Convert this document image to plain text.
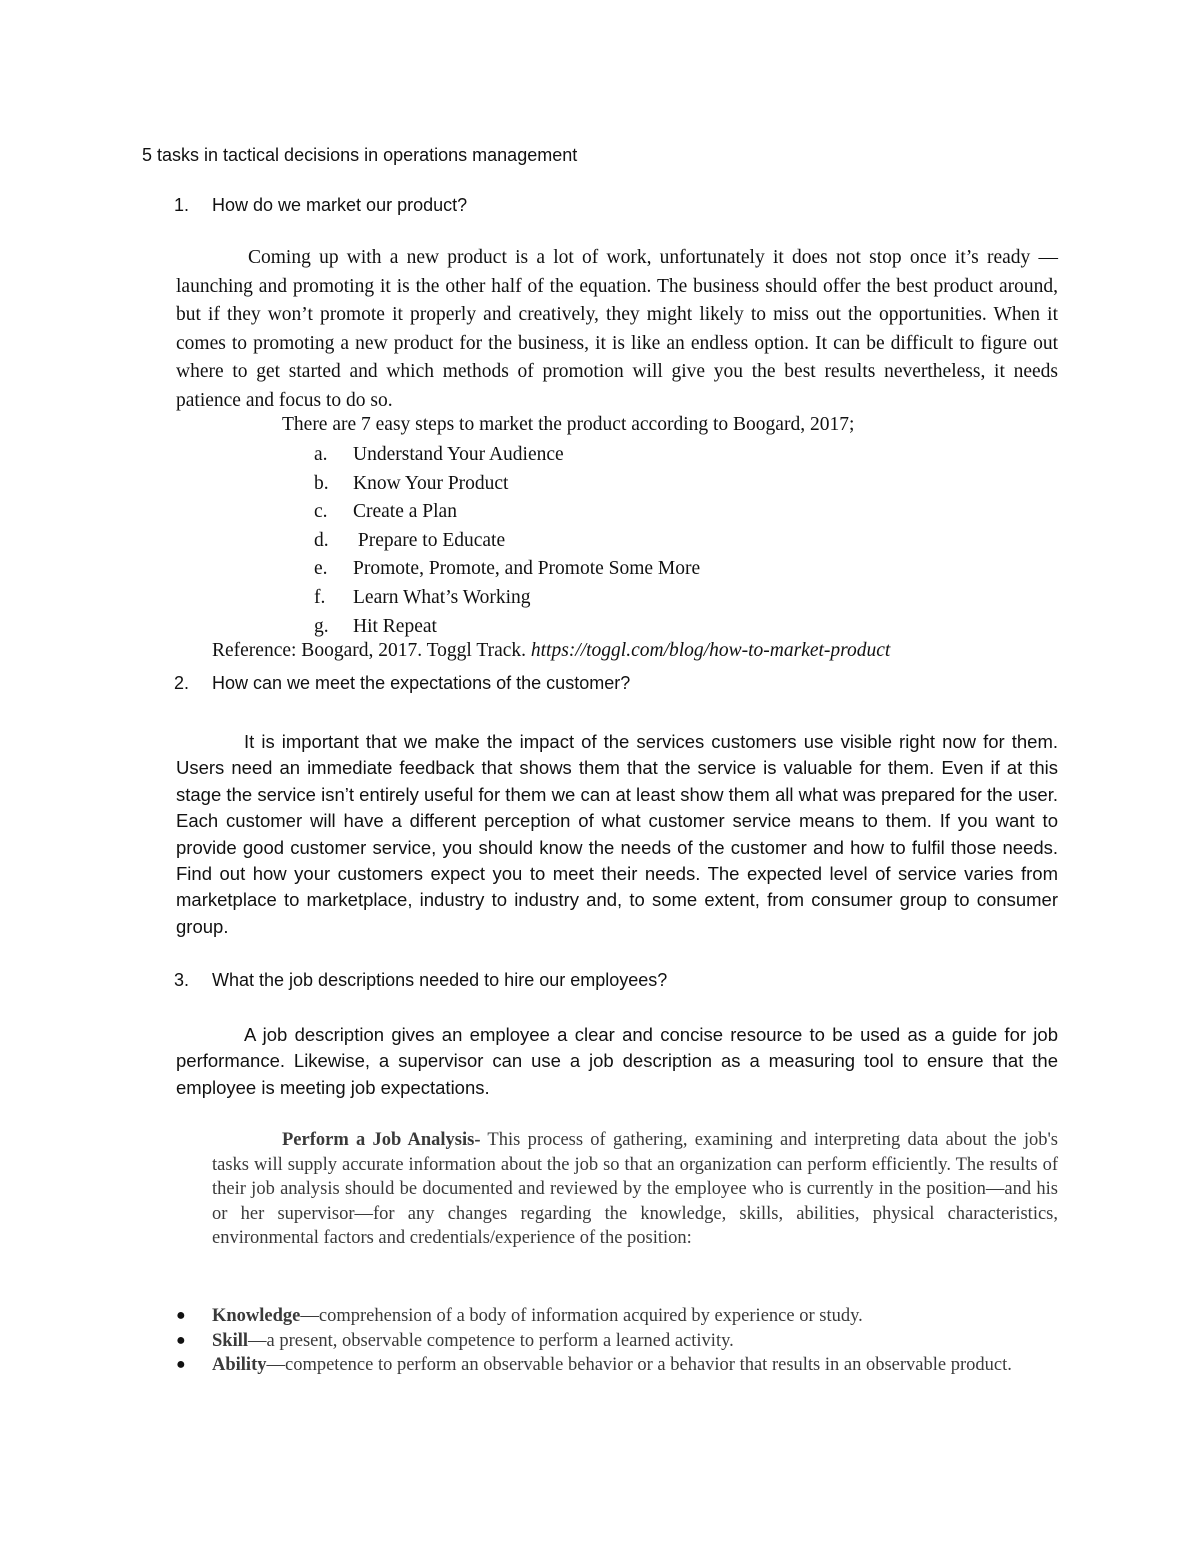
5 tasks in tactical decisions in operations management
1. How do we market our product?
Coming up with a new product is a lot of work, unfortunately it does not stop once it’s ready —launching and promoting it is the other half of the equation. The business should offer the best product around, but if they won’t promote it properly and creatively, they might likely to miss out the opportunities. When it comes to promoting a new product for the business, it is like an endless option. It can be difficult to figure out where to get started and which methods of promotion will give you the best results nevertheless, it needs patience and focus to do so.
There are 7 easy steps to market the product according to Boogard, 2017;
a. Understand Your Audience
b. Know Your Product
c. Create a Plan
d. Prepare to Educate
e. Promote, Promote, and Promote Some More
f. Learn What’s Working
g. Hit Repeat
Reference: Boogard, 2017. Toggl Track. https://toggl.com/blog/how-to-market-product
2. How can we meet the expectations of the customer?
It is important that we make the impact of the services customers use visible right now for them. Users need an immediate feedback that shows them that the service is valuable for them. Even if at this stage the service isn’t entirely useful for them we can at least show them all what was prepared for the user. Each customer will have a different perception of what customer service means to them. If you want to provide good customer service, you should know the needs of the customer and how to fulfil those needs. Find out how your customers expect you to meet their needs. The expected level of service varies from marketplace to marketplace, industry to industry and, to some extent, from consumer group to consumer group.
3. What the job descriptions needed to hire our employees?
A job description gives an employee a clear and concise resource to be used as a guide for job performance. Likewise, a supervisor can use a job description as a measuring tool to ensure that the employee is meeting job expectations.
Perform a Job Analysis- This process of gathering, examining and interpreting data about the job's tasks will supply accurate information about the job so that an organization can perform efficiently. The results of their job analysis should be documented and reviewed by the employee who is currently in the position—and his or her supervisor—for any changes regarding the knowledge, skills, abilities, physical characteristics, environmental factors and credentials/experience of the position:
● Knowledge—comprehension of a body of information acquired by experience or study.
● Skill—a present, observable competence to perform a learned activity.
● Ability—competence to perform an observable behavior or a behavior that results in an observable product.
